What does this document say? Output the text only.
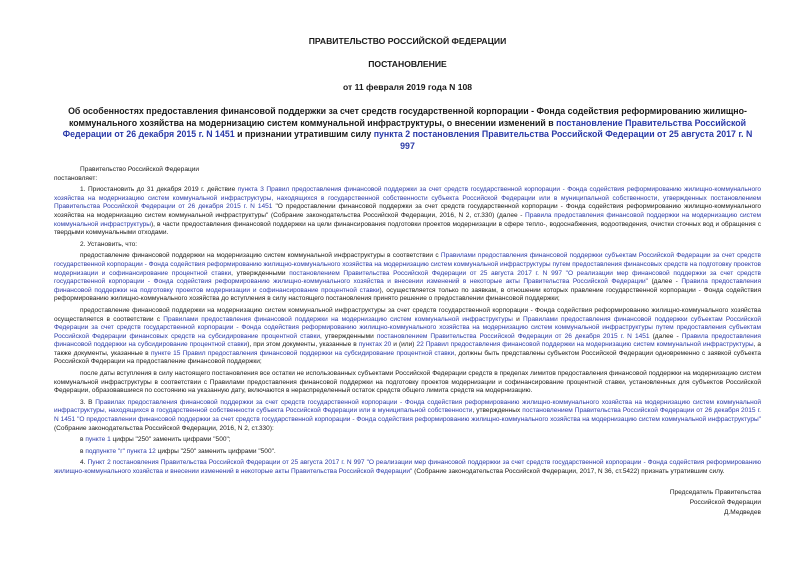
ПРАВИТЕЛЬСТВО РОССИЙСКОЙ ФЕДЕРАЦИИ
ПОСТАНОВЛЕНИЕ
от 11 февраля 2019 года N 108
Об особенностях предоставления финансовой поддержки за счет средств государственной корпорации - Фонда содействия реформированию жилищно-коммунального хозяйства на модернизацию систем коммунальной инфраструктуры, о внесении изменений в постановление Правительства Российской Федерации от 26 декабря 2015 г. N 1451 и признании утратившим силу пункта 2 постановления Правительства Российской Федерации от 25 августа 2017 г. N 997

Правительство Российской Федерации

постановляет:

1. Приостановить до 31 декабря 2019 г. действие пункта 3 Правил предоставления финансовой поддержки за счет средств государственной корпорации - Фонда содействия реформированию жилищно-коммунального хозяйства на модернизацию систем коммунальной инфраструктуры, находящихся в государственной собственности субъекта Российской Федерации или в муниципальной собственности, утвержденных постановлением Правительства Российской Федерации от 26 декабря 2015 г. N 1451 "О предоставлении финансовой поддержки за счет средств государственной корпорации - Фонда содействия реформированию жилищно-коммунального хозяйства на модернизацию систем коммунальной инфраструктуры" (Собрание законодательства Российской Федерации, 2016, N 2, ст.330) (далее - Правила предоставления финансовой поддержки на модернизацию систем коммунальной инфраструктуры), в части предоставления финансовой поддержки на цели финансирования подготовки проектов модернизации в сфере тепло-, водоснабжения, водоотведения, очистки сточных вод и обращения с твердыми коммунальными отходами.

2. Установить, что:

предоставление финансовой поддержки на модернизацию систем коммунальной инфраструктуры в соответствии с Правилами предоставления финансовой поддержки субъектам Российской Федерации за счет средств государственной корпорации - Фонда содействия реформированию жилищно-коммунального хозяйства на модернизацию систем коммунальной инфраструктуры путем предоставления финансовых средств на подготовку проектов модернизации и софинансирование процентной ставки, утвержденными постановлением Правительства Российской Федерации от 25 августа 2017 г. N 997 "О реализации мер финансовой поддержки за счет средств государственной корпорации - Фонда содействия реформированию жилищно-коммунального хозяйства и внесении изменений в некоторые акты Правительства Российской Федерации" (далее - Правила предоставления финансовой поддержки на подготовку проектов модернизации и софинансирование процентной ставки), осуществляется только по заявкам, в отношении которых правление государственной корпорации - Фонда содействия реформированию жилищно-коммунального хозяйства до вступления в силу настоящего постановления принято решение о предоставлении финансовой поддержки;

предоставление финансовой поддержки на модернизацию систем коммунальной инфраструктуры за счет средств государственной корпорации - Фонда содействия реформированию жилищно-коммунального хозяйства осуществляется в соответствии с Правилами предоставления финансовой поддержки на модернизацию систем коммунальной инфраструктуры и Правилами предоставления финансовой поддержки субъектам Российской Федерации за счет средств государственной корпорации - Фонда содействия реформированию жилищно-коммунального хозяйства на модернизацию систем коммунальной инфраструктуры путем предоставления субъектам Российской Федерации финансовых средств на субсидирование процентной ставки, утвержденными постановлением Правительства Российской Федерации от 26 декабря 2015 г. N 1451 (далее - Правила предоставления финансовой поддержки на субсидирование процентной ставки), при этом документы, указанные в пунктах 20 и (или) 22 Правил предоставления финансовой поддержки на модернизацию систем коммунальной инфраструктуры, а также документы, указанные в пункте 15 Правил предоставления финансовой поддержки на субсидирование процентной ставки, должны быть представлены субъектом Российской Федерации одновременно с заявкой субъекта Российской Федерации на предоставление финансовой поддержки;

после даты вступления в силу настоящего постановления все остатки не использованных субъектами Российской Федерации средств в пределах лимитов предоставления финансовой поддержки на модернизацию систем коммунальной инфраструктуры в соответствии с Правилами предоставления финансовой поддержки на подготовку проектов модернизации и софинансирование процентной ставки, установленных для субъектов Российской Федерации, образовавшиеся по состоянию на указанную дату, включаются в нераспределенный остаток средств общего лимита средств на модернизацию.

3. В Правилах предоставления финансовой поддержки за счет средств государственной корпорации - Фонда содействия реформированию жилищно-коммунального хозяйства на модернизацию систем коммунальной инфраструктуры, находящихся в государственной собственности субъекта Российской Федерации или в муниципальной собственности, утвержденных постановлением Правительства Российской Федерации от 26 декабря 2015 г. N 1451 "О предоставлении финансовой поддержки за счет средств государственной корпорации - Фонда содействия реформированию жилищно-коммунального хозяйства на модернизацию систем коммунальной инфраструктуры" (Собрание законодательства Российской Федерации, 2016, N 2, ст.330):

в пункте 1 цифры "250" заменить цифрами "500";

в подпункте "г" пункта 12 цифры "250" заменить цифрами "500".

4. Пункт 2 постановления Правительства Российской Федерации от 25 августа 2017 г. N 997 "О реализации мер финансовой поддержки за счет средств государственной корпорации - Фонда содействия реформированию жилищно-коммунального хозяйства и внесении изменений в некоторые акты Правительства Российской Федерации" (Собрание законодательства Российской Федерации, 2017, N 36, ст.5422) признать утратившим силу.

Председатель Правительства
Российской Федерации
Д.Медведев
